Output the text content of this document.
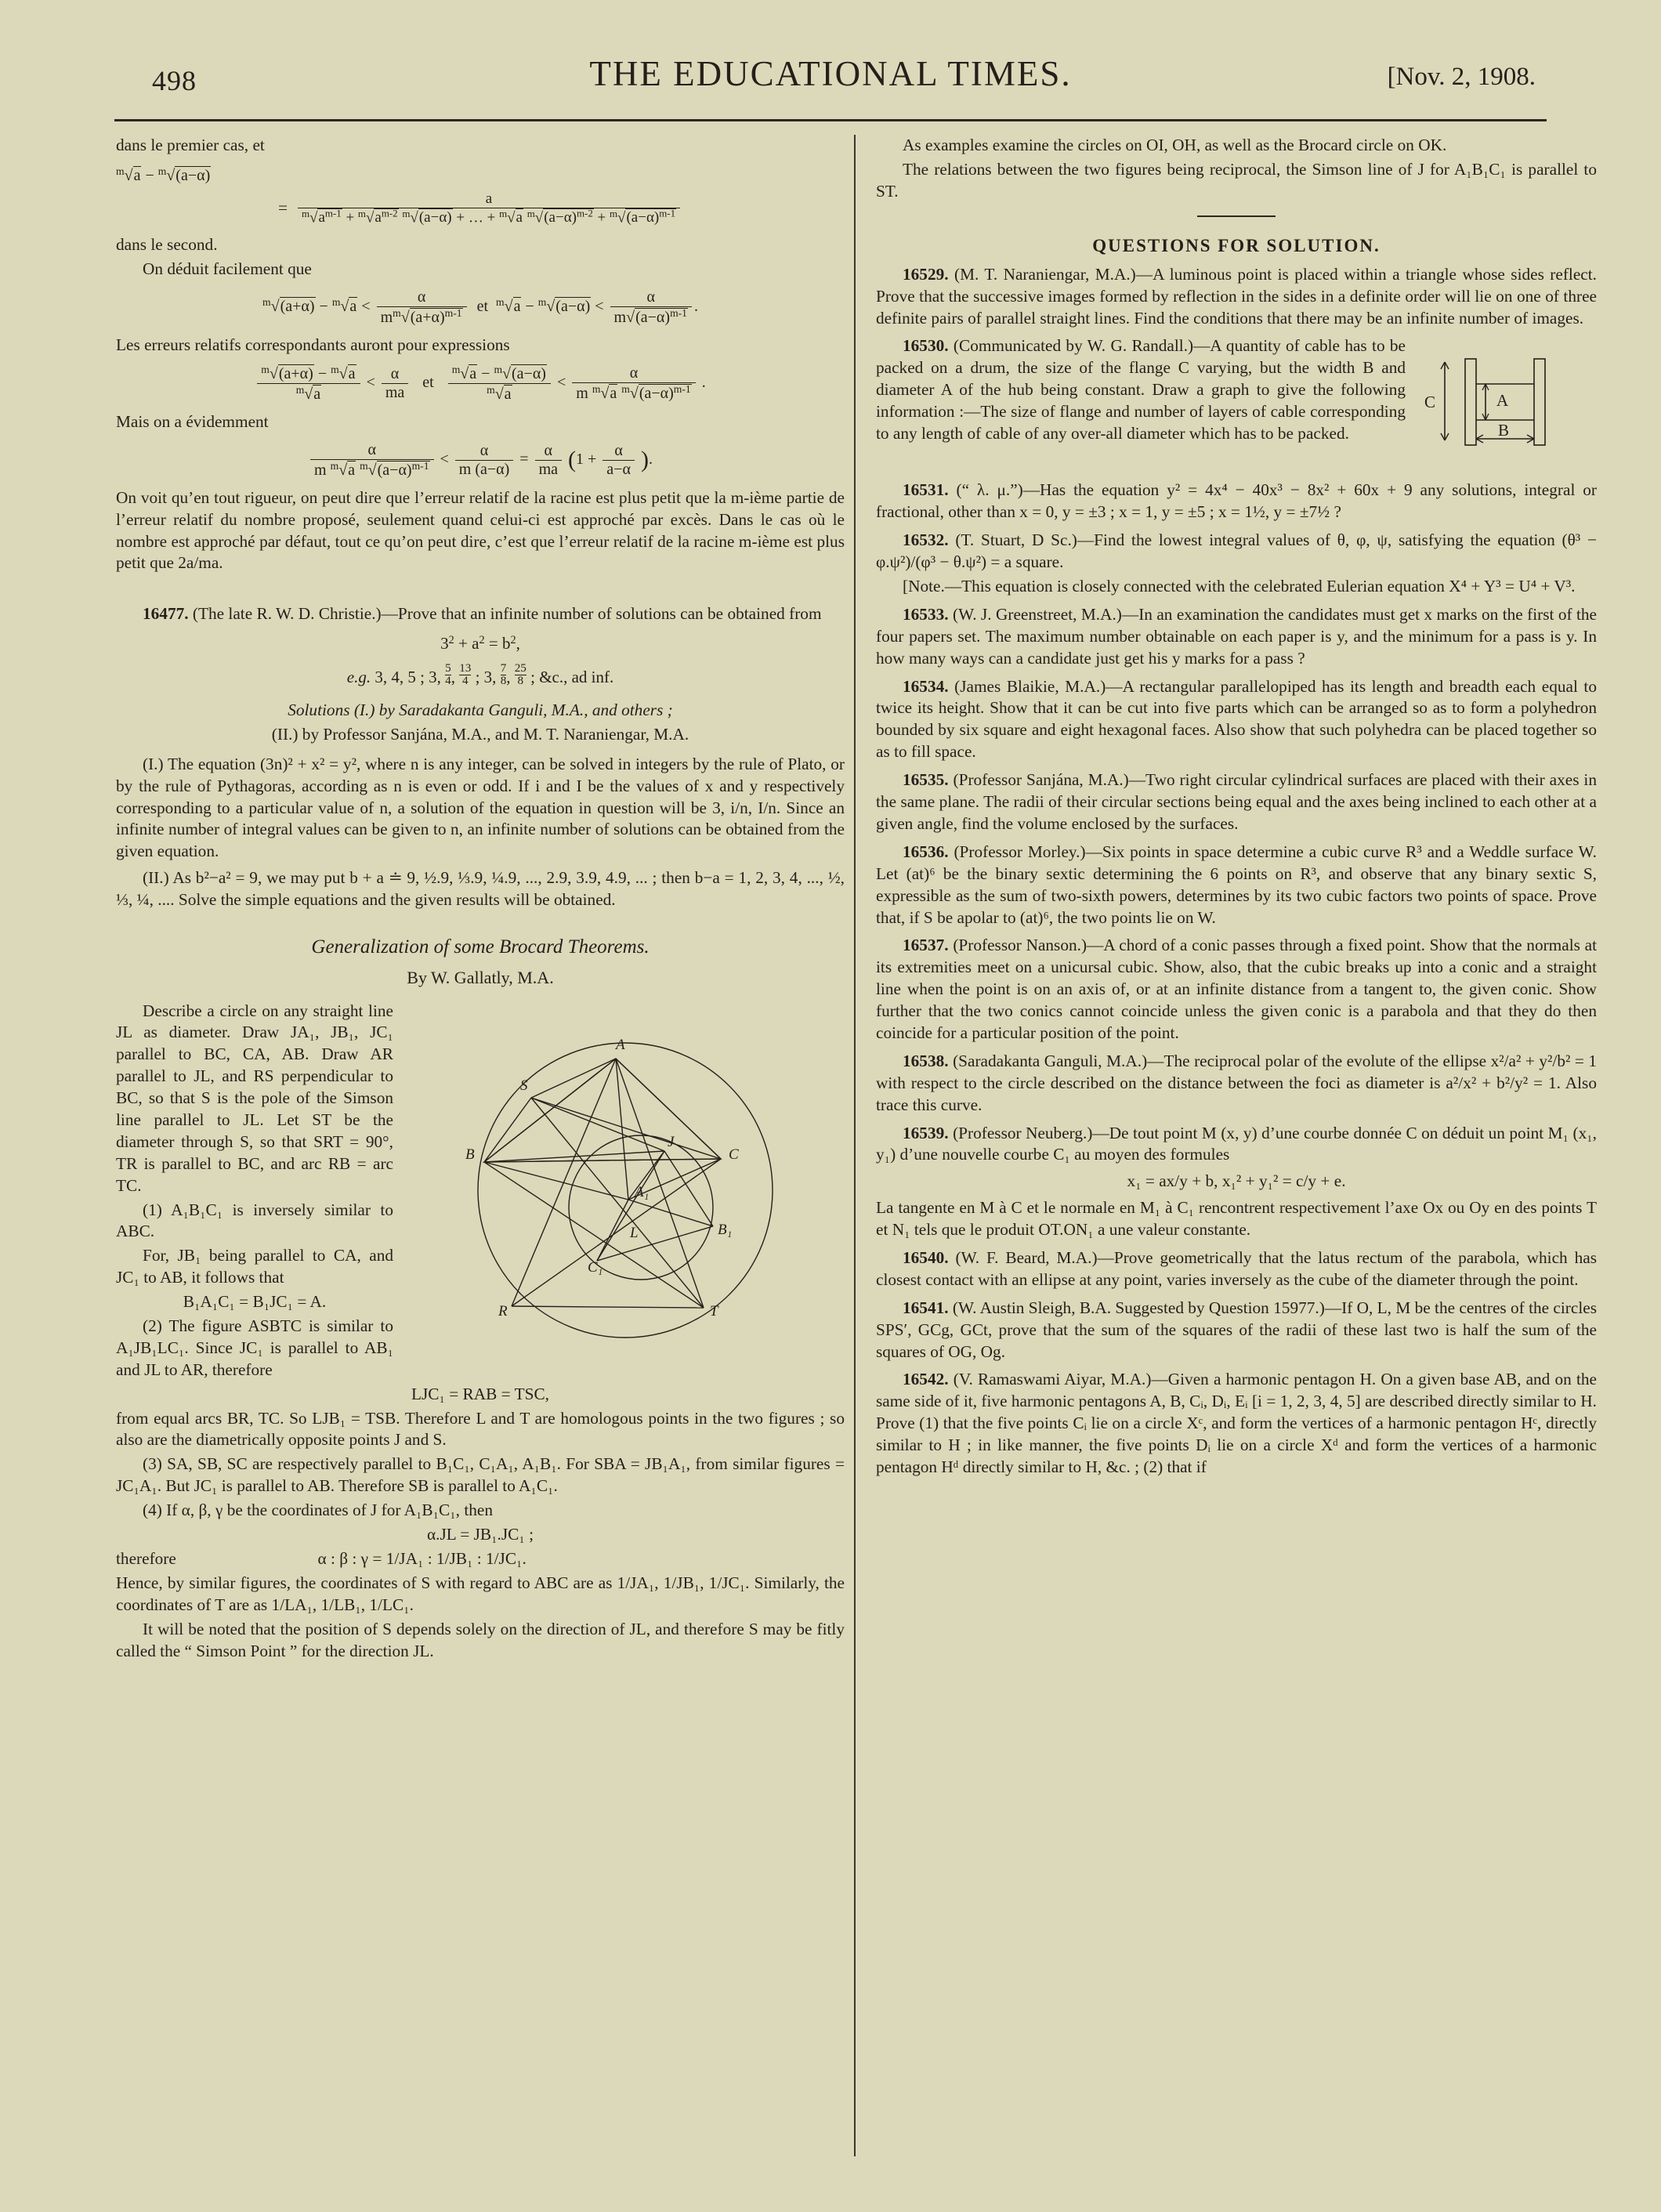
498	THE EDUCATIONAL TIMES.	[Nov. 2, 1908.

dans le premier cas, et

$^m$√a − $^m$√(a−α)
= $\frac{a}{^m√a^{m-1} + ^m√a^{m-2} ^m√(a-\alpha) + \dots + ^m√a ^m√(a-\alpha)^{m-2} + ^m√(a-\alpha)^{m-1}}$

dans le second.

On déduit facilement que

$^m√(a+\alpha) - ^m√a < \frac{\alpha}{m^m√(a+\alpha)^{m-1}}$ et  $^m√a - ^m√(a-\alpha) < \frac{\alpha}{m√(a-\alpha)^{m-1}}$ .

Les erreurs relatifs correspondants auront pour expressions

$\frac{^m√(a+\alpha) - ^m√a}{^m√a} < \frac{\alpha}{ma}$ et $\frac{^m√a - ^m√(a-\alpha)}{^m√a} < \frac{\alpha}{m ^m√a ^m√(a-\alpha)^{m-1}}$ .

Mais on a évidemment

$\frac{\alpha}{m ^m√a ^m√(a-\alpha)^{m-1}} < \frac{\alpha}{m (a-\alpha)} = \frac{\alpha}{ma} (1 + \frac{\alpha}{a-\alpha}$ ).

On voit qu’en tout rigueur, on peut dire que l’erreur relatif de la racine est plus petit que la m-ième partie de l’erreur relatif du nombre proposé, seulement quand celui-ci est approché par excès. Dans le cas où le nombre est approché par défaut, tout ce qu’on peut dire, c’est que l’erreur relatif de la racine m-ième est plus petit que 2a/ma.

16477. (The late R. W. D. Christie.)—Prove that an infinite number of solutions can be obtained from

$3^2 + a^2 = b^2$,
e.g. 3, 4, 5 ; 3, $\frac{5}{4}$ , $\frac{13}{4}$ ; 3, $\frac{7}{8}$ , $\frac{25}{8}$ ; &c., ad inf.

Solutions (I.) by Saradakanta Ganguli, M.A., and others ;

(II.) by Professor Sanjána, M.A., and M. T. Naraniengar, M.A.

(I.) The equation (3n)² + x² = y², where n is any integer, can be solved in integers by the rule of Plato, or by the rule of Pythagoras, according as n is even or odd. If i and I be the values of x and y respectively corresponding to a particular value of n, a solution of the equation in question will be 3, i/n, I/n. Since an infinite number of integral values can be given to n, an infinite number of solutions can be obtained from the given equation.

(II.) As b²−a² = 9, we may put b + a ≐ 9, ½.9, ⅓.9, ¼.9, ..., 2.9, 3.9, 4.9, ... ; then b−a = 1, 2, 3, 4, ..., ½, ⅓, ¼, .... Solve the simple equations and the given results will be obtained.

Generalization of some Brocard Theorems.
By W. Gallatly, M.A.
A
S
B	C
R	T
J
B₁
C₁
L
A₁

Describe a circle on any straight line JL as diameter. Draw JA₁, JB₁, JC₁ parallel to BC, CA, AB. Draw AR parallel to JL, and RS perpendicular to BC, so that S is the pole of the Simson line parallel to JL. Let ST be the diameter through S, so that SRT = 90°, TR is parallel to BC, and arc RB = arc TC.

(1) A₁B₁C₁ is inversely similar to ABC.

For, JB₁ being parallel to CA, and JC₁ to AB, it follows that

B₁A₁C₁ = B₁JC₁ = A.

(2) The figure ASBTC is similar to A₁JB₁LC₁. Since JC₁ is parallel to AB₁ and JL to AR, therefore

LJC₁ = RAB = TSC,

from equal arcs BR, TC. So LJB₁ = TSB. Therefore L and T are homologous points in the two figures ; so also are the diametrically opposite points J and S.

(3) SA, SB, SC are respectively parallel to B₁C₁, C₁A₁, A₁B₁. For SBA = JB₁A₁, from similar figures = JC₁A₁. But JC₁ is parallel to AB. Therefore SB is parallel to A₁C₁.

(4) If α, β, γ be the coordinates of J for A₁B₁C₁, then

α.JL = JB₁.JC₁ ;

therefore	α : β : γ = 1/JA₁ : 1/JB₁ : 1/JC₁.

Hence, by similar figures, the coordinates of S with regard to ABC are as 1/JA₁, 1/JB₁, 1/JC₁. Similarly, the coordinates of T are as 1/LA₁, 1/LB₁, 1/LC₁.

It will be noted that the position of S depends solely on the direction of JL, and therefore S may be fitly called the “ Simson Point ” for the direction JL.

As examples examine the circles on OI, OH, as well as the Brocard circle on OK.

The relations between the two figures being reciprocal, the Simson line of J for A₁B₁C₁ is parallel to ST.

QUESTIONS FOR SOLUTION.

16529. (M. T. Naraniengar, M.A.)—A luminous point is placed within a triangle whose sides reflect. Prove that the successive images formed by reflection in the sides in a definite order will lie on one of three definite pairs of parallel straight lines. Find the conditions that there may be an infinite number of images.

C	A
B

16530. (Communicated by W. G. Randall.)—A quantity of cable has to be packed on a drum, the size of the flange C varying, but the width B and diameter A of the hub being constant. Draw a graph to give the following information :—The size of flange and number of layers of cable corresponding to any length of cable of any over-all diameter which has to be packed.

16531. (“ λ. μ.”)—Has the equation y² = 4x⁴ − 40x³ − 8x² + 60x + 9 any solutions, integral or fractional, other than x = 0, y = ±3 ; x = 1, y = ±5 ; x = 1½, y = ±7½ ?

16532. (T. Stuart, D Sc.)—Find the lowest integral values of θ, φ, ψ, satisfying the equation (θ³ − φ.ψ²)/(φ³ − θ.ψ²) = a square.

[Note.—This equation is closely connected with the celebrated Eulerian equation X⁴ + Y³ = U⁴ + V³.

16533. (W. J. Greenstreet, M.A.)—In an examination the candidates must get x marks on the first of the four papers set. The maximum number obtainable on each paper is y, and the minimum for a pass is y. In how many ways can a candidate just get his y marks for a pass ?

16534. (James Blaikie, M.A.)—A rectangular parallelopiped has its length and breadth each equal to twice its height. Show that it can be cut into five parts which can be arranged so as to form a polyhedron bounded by six square and eight hexagonal faces. Also show that such polyhedra can be placed together so as to fill space.

16535. (Professor Sanjána, M.A.)—Two right circular cylindrical surfaces are placed with their axes in the same plane. The radii of their circular sections being equal and the axes being inclined to each other at a given angle, find the volume enclosed by the surfaces.

16536. (Professor Morley.)—Six points in space determine a cubic curve R³ and a Weddle surface W. Let (at)⁶ be the binary sextic determining the 6 points on R³, and observe that any binary sextic S, expressible as the sum of two-sixth powers, determines by its two cubic factors two points of space. Prove that, if S be apolar to (at)⁶, the two points lie on W.

16537. (Professor Nanson.)—A chord of a conic passes through a fixed point. Show that the normals at its extremities meet on a unicursal cubic. Show, also, that the cubic breaks up into a conic and a straight line when the point is on an axis of, or at an infinite distance from a tangent to, the given conic. Show further that the two conics cannot coincide unless the given conic is a parabola and that they do then coincide for a particular position of the point.

16538. (Saradakanta Ganguli, M.A.)—The reciprocal polar of the evolute of the ellipse x²/a² + y²/b² = 1 with respect to the circle described on the distance between the foci as diameter is a²/x² + b²/y² = 1. Also trace this curve.

16539. (Professor Neuberg.)—De tout point M (x, y) d’une courbe donnée C on déduit un point M₁ (x₁, y₁) d’une nouvelle courbe C₁ au moyen des formules

x₁ = ax/y + b, x₁² + y₁² = c/y + e.

La tangente en M à C et le normale en M₁ à C₁ rencontrent respectivement l’axe Ox ou Oy en des points T et N₁ tels que le produit OT.ON₁ a une valeur constante.

16540. (W. F. Beard, M.A.)—Prove geometrically that the latus rectum of the parabola, which has closest contact with an ellipse at any point, varies inversely as the cube of the diameter through the point.

16541. (W. Austin Sleigh, B.A. Suggested by Question 15977.)—If O, L, M be the centres of the circles SPS′, GCg, GCt, prove that the sum of the squares of the radii of these last two is half the sum of the squares of OG, Og.

16542. (V. Ramaswami Aiyar, M.A.)—Given a harmonic pentagon H. On a given base AB, and on the same side of it, five harmonic pentagons A, B, Cᵢ, Dᵢ, Eᵢ [i = 1, 2, 3, 4, 5] are described directly similar to H. Prove (1) that the five points Cᵢ lie on a circle Xᶜ, and form the vertices of a harmonic pentagon Hᶜ, directly similar to H ; in like manner, the five points Dᵢ lie on a circle Xᵈ and form the vertices of a harmonic pentagon Hᵈ directly similar to H, &c. ; (2) that if
